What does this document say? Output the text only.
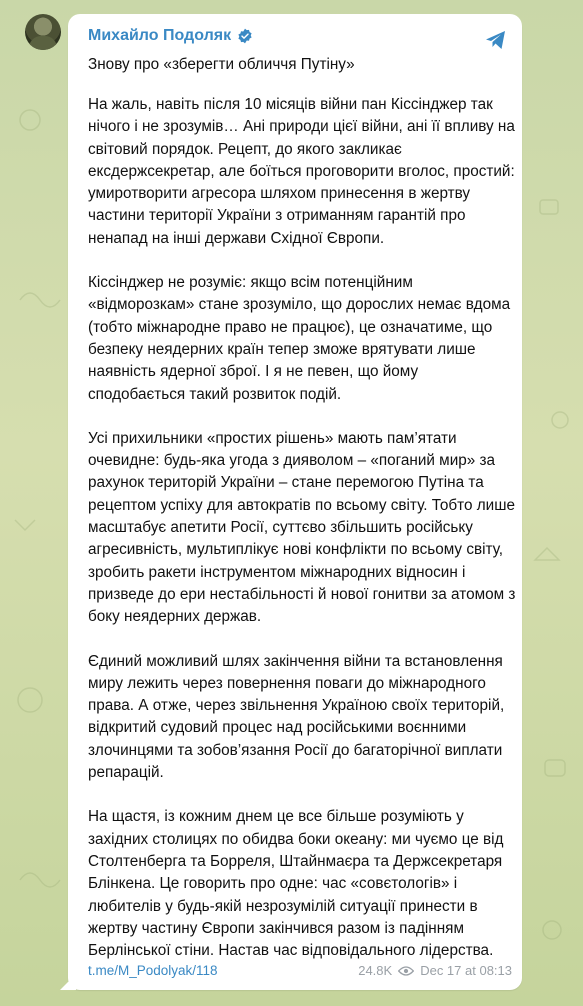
Михайло Подоляк
Знову про «зберегти обличчя Путіну»

На жаль, навіть після 10 місяців війни пан Кіссінджер так нічого і не зрозумів… Ані природи цієї війни, ані її впливу на світовий порядок. Рецепт, до якого закликає ексдержсекретар, але боїться проговорити вголос, простий: умиротворити агресора шляхом принесення в жертву частини території України з отриманням гарантій про ненапад на інші держави Східної Європи.

Кіссінджер не розуміє: якщо всім потенційним «відморозкам» стане зрозуміло, що дорослих немає вдома (тобто міжнародне право не працює), це означатиме, що безпеку неядерних країн тепер зможе врятувати лише наявність ядерної зброї. І я не певен, що йому сподобається такий розвиток подій.

Усі прихильники «простих рішень» мають пам’ятати очевидне: будь-яка угода з дияволом – «поганий мир» за рахунок територій України – стане перемогою Путіна та рецептом успіху для автократів по всьому світу. Тобто лише масштабує апетити Росії, суттєво збільшить російську агресивність, мультиплікує нові конфлікти по всьому світу, зробить ракети інструментом міжнародних відносин і призведе до ери нестабільності й нової гонитви за атомом з боку неядерних держав.

Єдиний можливий шлях закінчення війни та встановлення миру лежить через повернення поваги до міжнародного права. А отже, через звільнення Україною своїх територій, відкритий судовий процес над російськими воєнними злочинцями та зобов’язання Росії до багаторічної виплати репарацій.

На щастя, із кожним днем це все більше розуміють у західних столицях по обидва боки океану: ми чуємо це від Столтенберга та Борреля, Штайнмаєра та Держсекретаря Блінкена. Це говорить про одне: час «совєтологів» і любителів у будь-якій незрозумілій ситуації принести в жертву частину Європи закінчився разом із падінням Берлінської стіни. Настав час відповідального лідерства.

t.me/M_Podolyak/118	24.8K Dec 17 at 08:13
